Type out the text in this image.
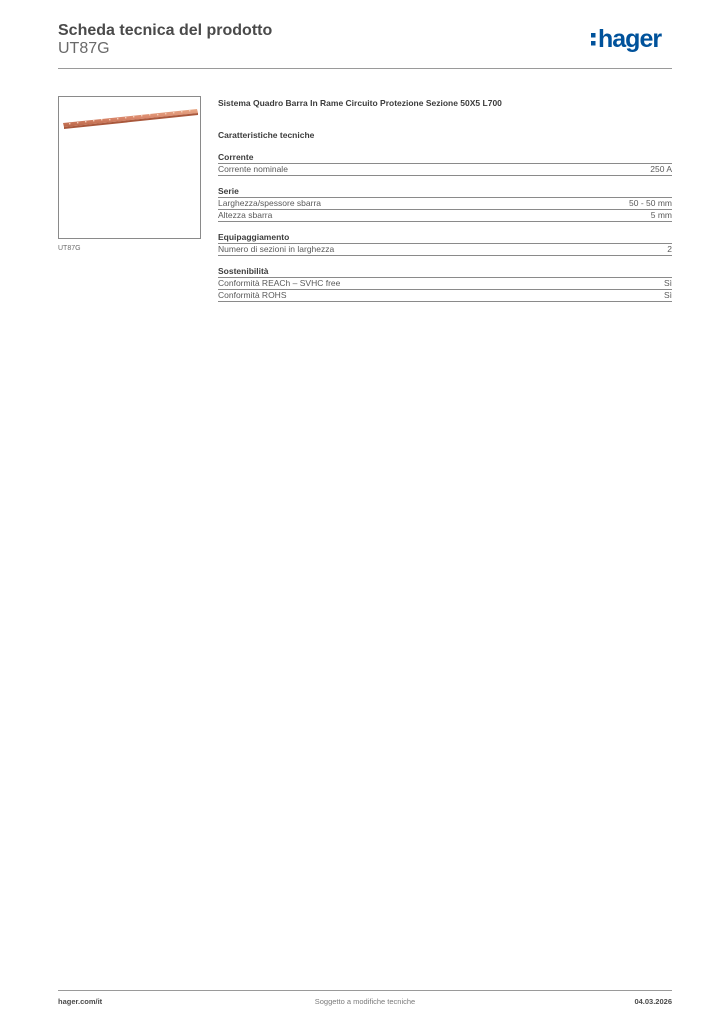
Scheda tecnica del prodotto
UT87G	hager
UT87G
Sistema Quadro Barra In Rame Circuito Protezione Sezione 50X5 L700
Caratteristiche tecniche
Corrente
Corrente nominale	250 A
Serie
Larghezza/spessore sbarra	50 - 50 mm
Altezza sbarra	5 mm
Equipaggiamento
Numero di sezioni in larghezza	2
Sostenibilità
Conformità REACh – SVHC free	Sì
Conformità ROHS	Sì
hager.com/it	Soggetto a modifiche tecniche	04.03.2026
